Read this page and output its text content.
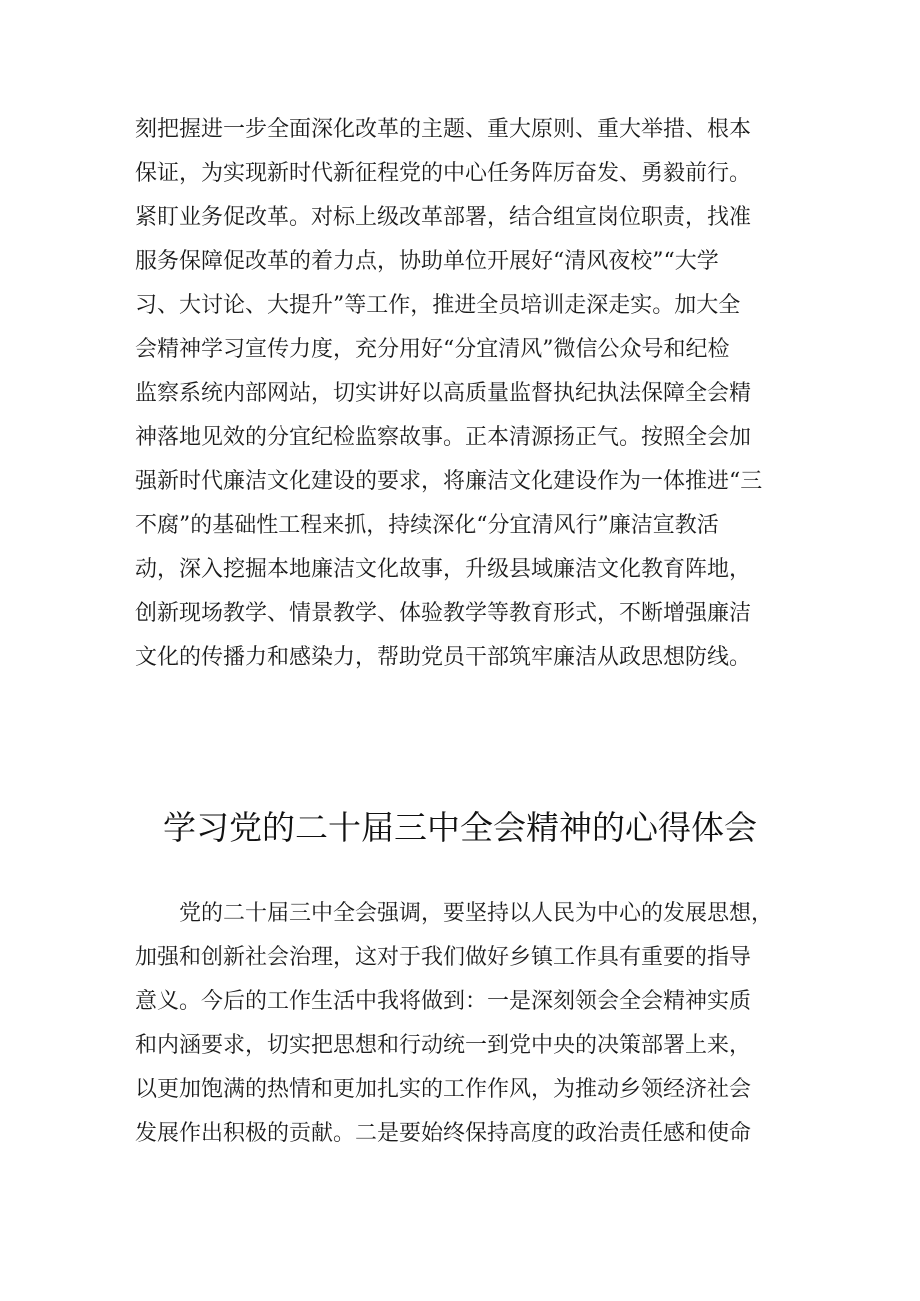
刻把握进一步全面深化改革的主题、重大原则、重大举措、根本
保证，为实现新时代新征程党的中心任务阵厉奋发、勇毅前行。
紧盯业务促改革。对标上级改革部署，结合组宣岗位职责，找准
服务保障促改革的着力点，协助单位开展好“清风夜校”“大学
习、大讨论、大提升”等工作，推进全员培训走深走实。加大全
会精神学习宣传力度，充分用好“分宜清风”微信公众号和纪检
监察系统内部网站，切实讲好以高质量监督执纪执法保障全会精
神落地见效的分宜纪检监察故事。正本清源扬正气。按照全会加
强新时代廉洁文化建设的要求，将廉洁文化建设作为一体推进“三
不腐”的基础性工程来抓，持续深化“分宜清风行”廉洁宣教活
动，深入挖掘本地廉洁文化故事，升级县域廉洁文化教育阵地，
创新现场教学、情景教学、体验教学等教育形式，不断增强廉洁
文化的传播力和感染力，帮助党员干部筑牢廉洁从政思想防线。
学习党的二十届三中全会精神的心得体会
党的二十届三中全会强调，要坚持以人民为中心的发展思想，
加强和创新社会治理，这对于我们做好乡镇工作具有重要的指导
意义。今后的工作生活中我将做到：一是深刻领会全会精神实质
和内涵要求，切实把思想和行动统一到党中央的决策部署上来，
以更加饱满的热情和更加扎实的工作作风，为推动乡领经济社会
发展作出积极的贡献。二是要始终保持高度的政治责任感和使命
